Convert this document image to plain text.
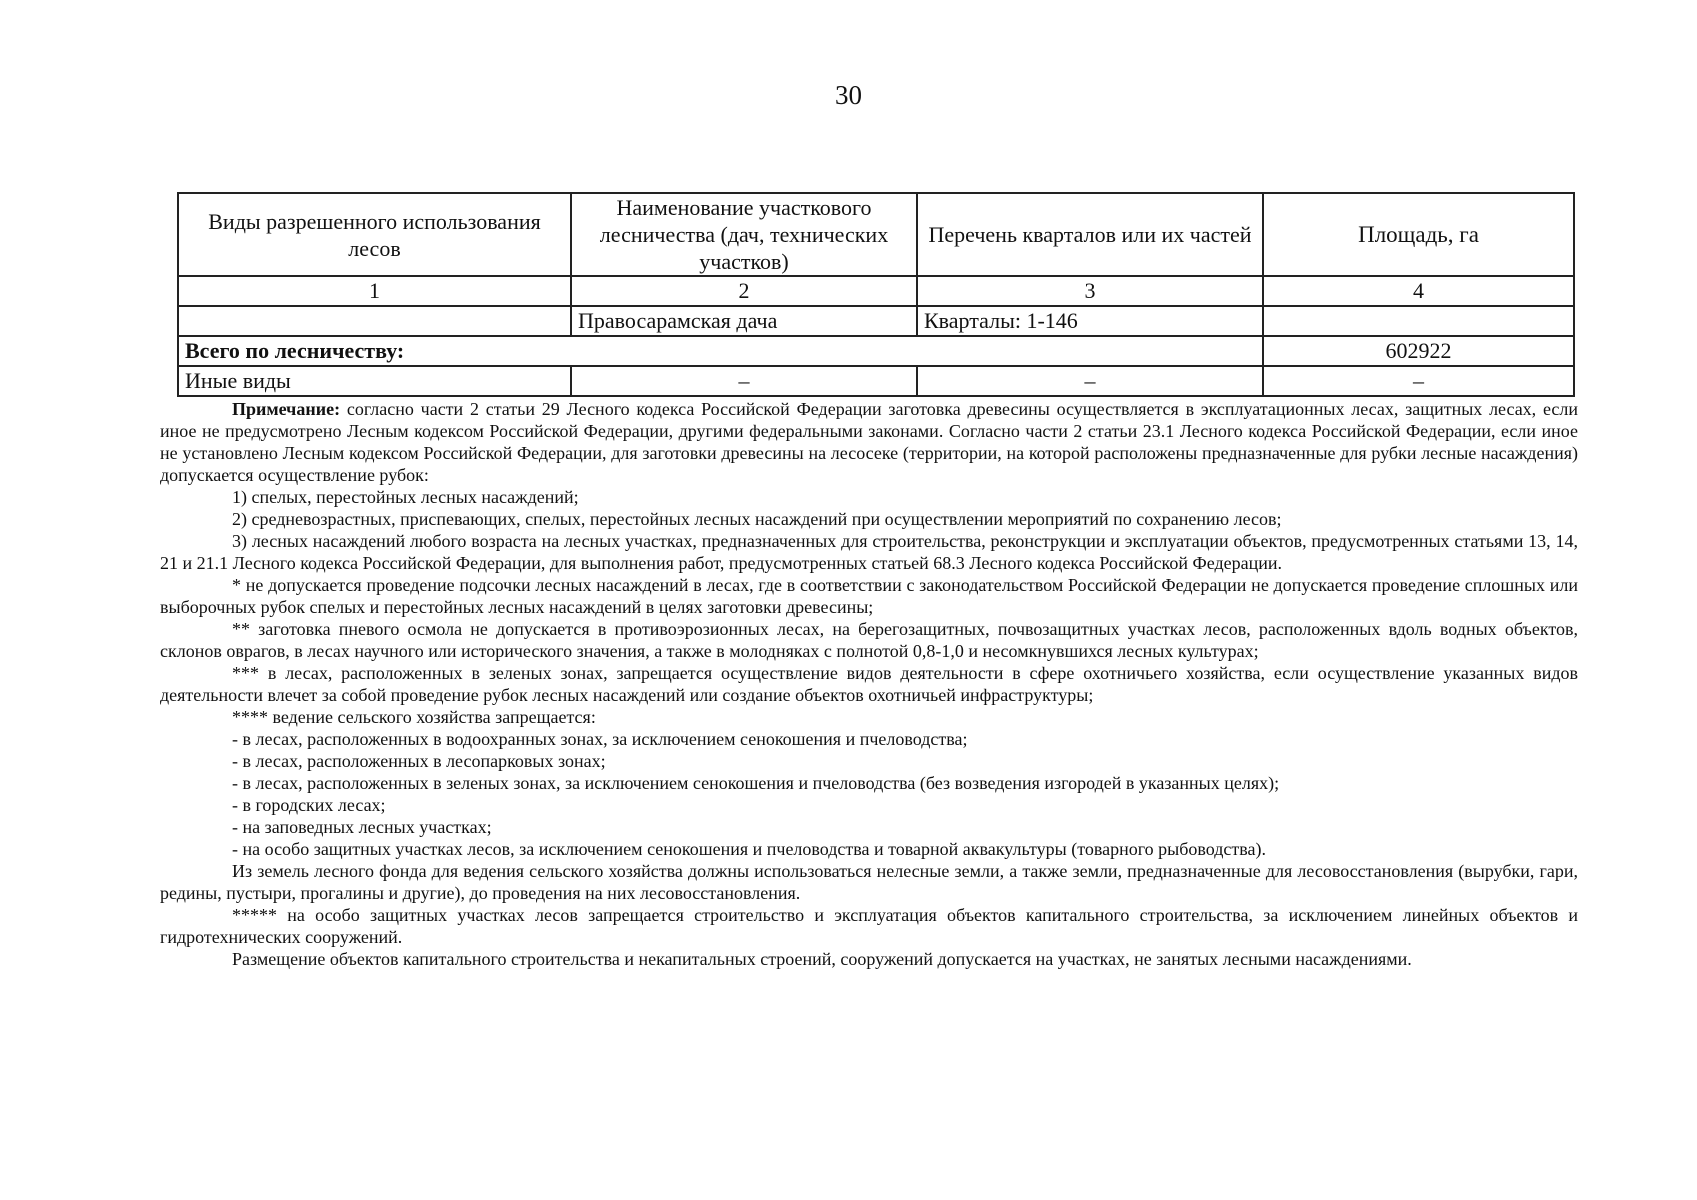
30
Виды разрешенного использования лесов	Наименование участкового лесничества (дач, технических участков)	Перечень кварталов или их частей	Площадь, га
1	2	3	4
	Правосарамская дача	Кварталы: 1-146	
Всего по лесничеству:			602922
Иные виды	–	–	–

Примечание: согласно части 2 статьи 29 Лесного кодекса Российской Федерации заготовка древесины осуществляется в эксплуатационных лесах, защитных лесах, если иное не предусмотрено Лесным кодексом Российской Федерации, другими федеральными законами. Согласно части 2 статьи 23.1 Лесного кодекса Российской Федерации, если иное не установлено Лесным кодексом Российской Федерации, для заготовки древесины на лесосеке (территории, на которой расположены предназначенные для рубки лесные насаждения) допускается осуществление рубок:

1) спелых, перестойных лесных насаждений;

2) средневозрастных, приспевающих, спелых, перестойных лесных насаждений при осуществлении мероприятий по сохранению лесов;

3) лесных насаждений любого возраста на лесных участках, предназначенных для строительства, реконструкции и эксплуатации объектов, предусмотренных статьями 13, 14, 21 и 21.1 Лесного кодекса Российской Федерации, для выполнения работ, предусмотренных статьей 68.3 Лесного кодекса Российской Федерации.

* не допускается проведение подсочки лесных насаждений в лесах, где в соответствии с законодательством Российской Федерации не допускается проведение сплошных или выборочных рубок спелых и перестойных лесных насаждений в целях заготовки древесины;

** заготовка пневого осмола не допускается в противоэрозионных лесах, на берегозащитных, почвозащитных участках лесов, расположенных вдоль водных объектов, склонов оврагов, в лесах научного или исторического значения, а также в молодняках с полнотой 0,8-1,0 и несомкнувшихся лесных культурах;

*** в лесах, расположенных в зеленых зонах, запрещается осуществление видов деятельности в сфере охотничьего хозяйства, если осуществление указанных видов деятельности влечет за собой проведение рубок лесных насаждений или создание объектов охотничьей инфраструктуры;

**** ведение сельского хозяйства запрещается:

- в лесах, расположенных в водоохранных зонах, за исключением сенокошения и пчеловодства;

- в лесах, расположенных в лесопарковых зонах;

- в лесах, расположенных в зеленых зонах, за исключением сенокошения и пчеловодства (без возведения изгородей в указанных целях);

- в городских лесах;

- на заповедных лесных участках;

- на особо защитных участках лесов, за исключением сенокошения и пчеловодства и товарной аквакультуры (товарного рыбоводства).

Из земель лесного фонда для ведения сельского хозяйства должны использоваться нелесные земли, а также земли, предназначенные для лесовосстановления (вырубки, гари, редины, пустыри, прогалины и другие), до проведения на них лесовосстановления.

***** на особо защитных участках лесов запрещается строительство и эксплуатация объектов капитального строительства, за исключением линейных объектов и гидротехнических сооружений.

Размещение объектов капитального строительства и некапитальных строений, сооружений допускается на участках, не занятых лесными насаждениями.
